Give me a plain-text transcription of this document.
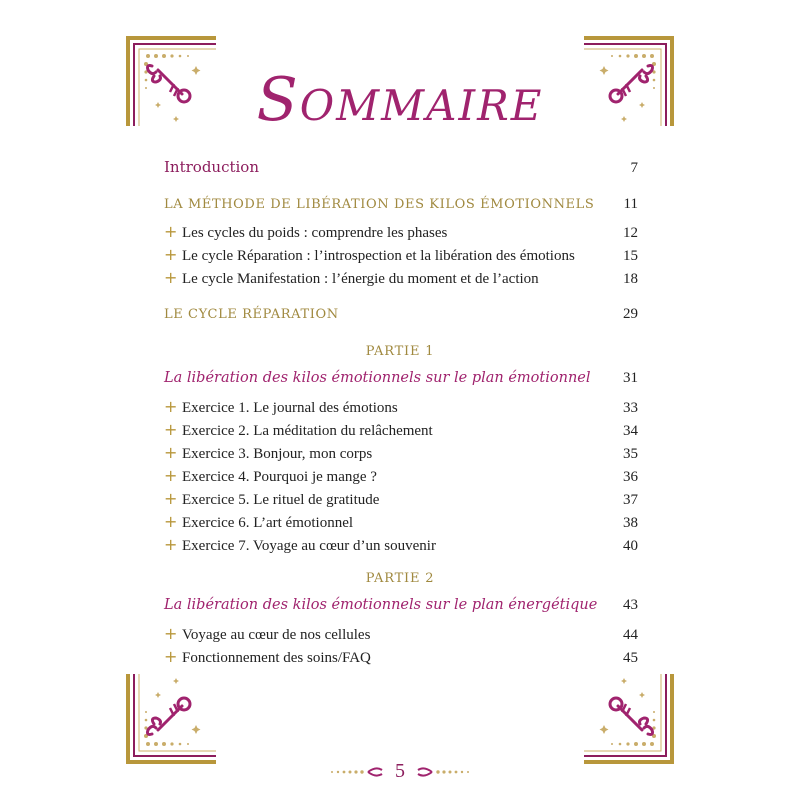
Sommaire
Introduction	7
LA MÉTHODE DE LIBÉRATION DES KILOS ÉMOTIONNELS 11
+ Les cycles du poids : comprendre les phases	12
+ Le cycle Réparation : l’introspection et la libération des émotions	15
+ Le cycle Manifestation : l’énergie du moment et de l’action	18
LE CYCLE RÉPARATION	29
PARTIE 1
La libération des kilos émotionnels sur le plan émotionnel 31
+ Exercice 1. Le journal des émotions	33
+ Exercice 2. La méditation du relâchement	34
+ Exercice 3. Bonjour, mon corps	35
+ Exercice 4. Pourquoi je mange ?	36
+ Exercice 5. Le rituel de gratitude	37
+ Exercice 6. L’art émotionnel	38
+ Exercice 7. Voyage au cœur d’un souvenir	40
PARTIE 2
La libération des kilos émotionnels sur le plan énergétique 43
+ Voyage au cœur de nos cellules	44
+ Fonctionnement des soins/FAQ	45
5
